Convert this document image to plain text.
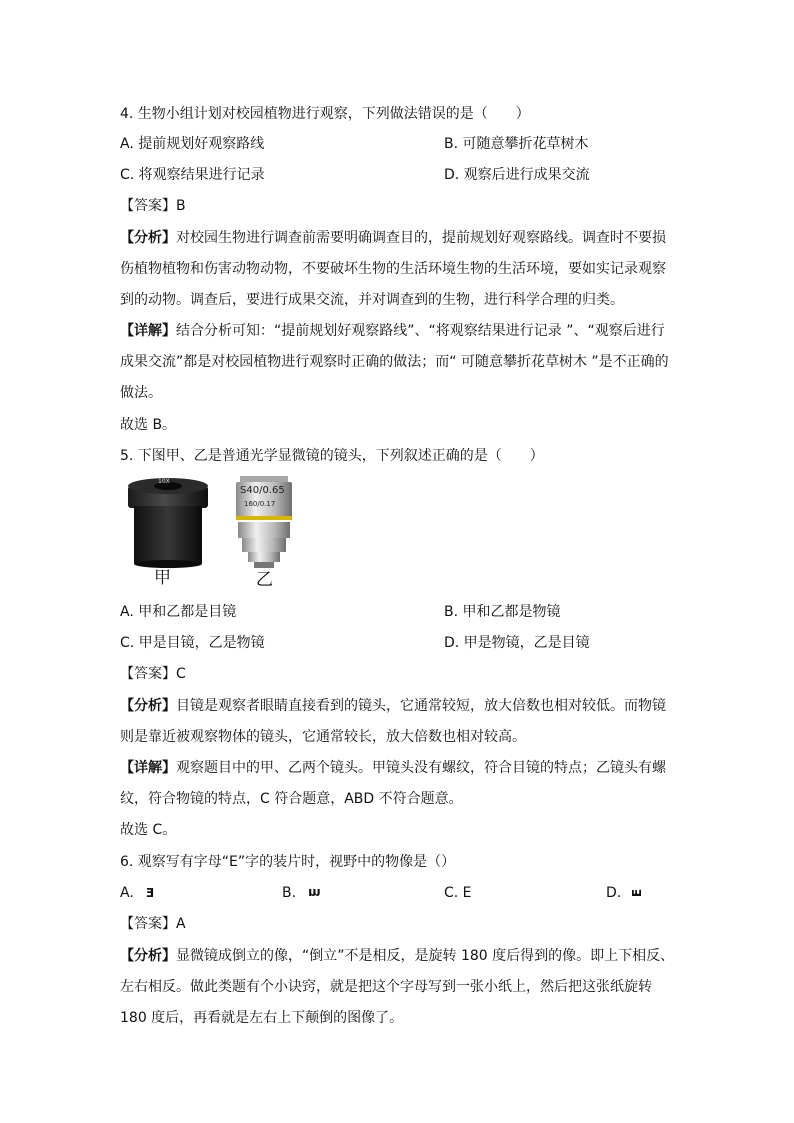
4. 生物小组计划对校园植物进行观察，下列做法错误的是（　　）
A. 提前规划好观察路线	B. 可随意攀折花草树木
C. 将观察结果进行记录	D. 观察后进行成果交流
【答案】B
【分析】对校园生物进行调查前需要明确调查目的，提前规划好观察路线。调查时不要损
伤植物植物和伤害动物动物，不要破坏生物的生活环境生物的生活环境，要如实记录观察
到的动物。调查后，要进行成果交流，并对调查到的生物，进行科学合理的归类。
【详解】结合分析可知：“提前规划好观察路线”、“将观察结果进行记录 ”、“观察后进行
成果交流”都是对校园植物进行观察时正确的做法；而“ 可随意攀折花草树木 ”是不正确的
做法。
故选 B。
5. 下图甲、乙是普通光学显微镜的镜头，下列叙述正确的是（　　）
10X
甲
S40/0.65
160/0.17
乙
A. 甲和乙都是目镜	B. 甲和乙都是物镜
C. 甲是目镜，乙是物镜	D. 甲是物镜，乙是目镜
【答案】C
【分析】目镜是观察者眼睛直接看到的镜头，它通常较短，放大倍数也相对较低。而物镜
则是靠近被观察物体的镜头，它通常较长，放大倍数也相对较高。
【详解】观察题目中的甲、乙两个镜头。甲镜头没有螺纹，符合目镜的特点；乙镜头有螺
纹，符合物镜的特点，C 符合题意，ABD 不符合题意。
故选 C。
6. 观察写有字母“E”字的装片时，视野中的物像是（）
A. Ǝ	B. m	C. E	D. E
【答案】A
【分析】显微镜成倒立的像，“倒立”不是相反，是旋转 180 度后得到的像。即上下相反、
左右相反。做此类题有个小诀窍，就是把这个字母写到一张小纸上，然后把这张纸旋转
180 度后，再看就是左右上下颠倒的图像了。
